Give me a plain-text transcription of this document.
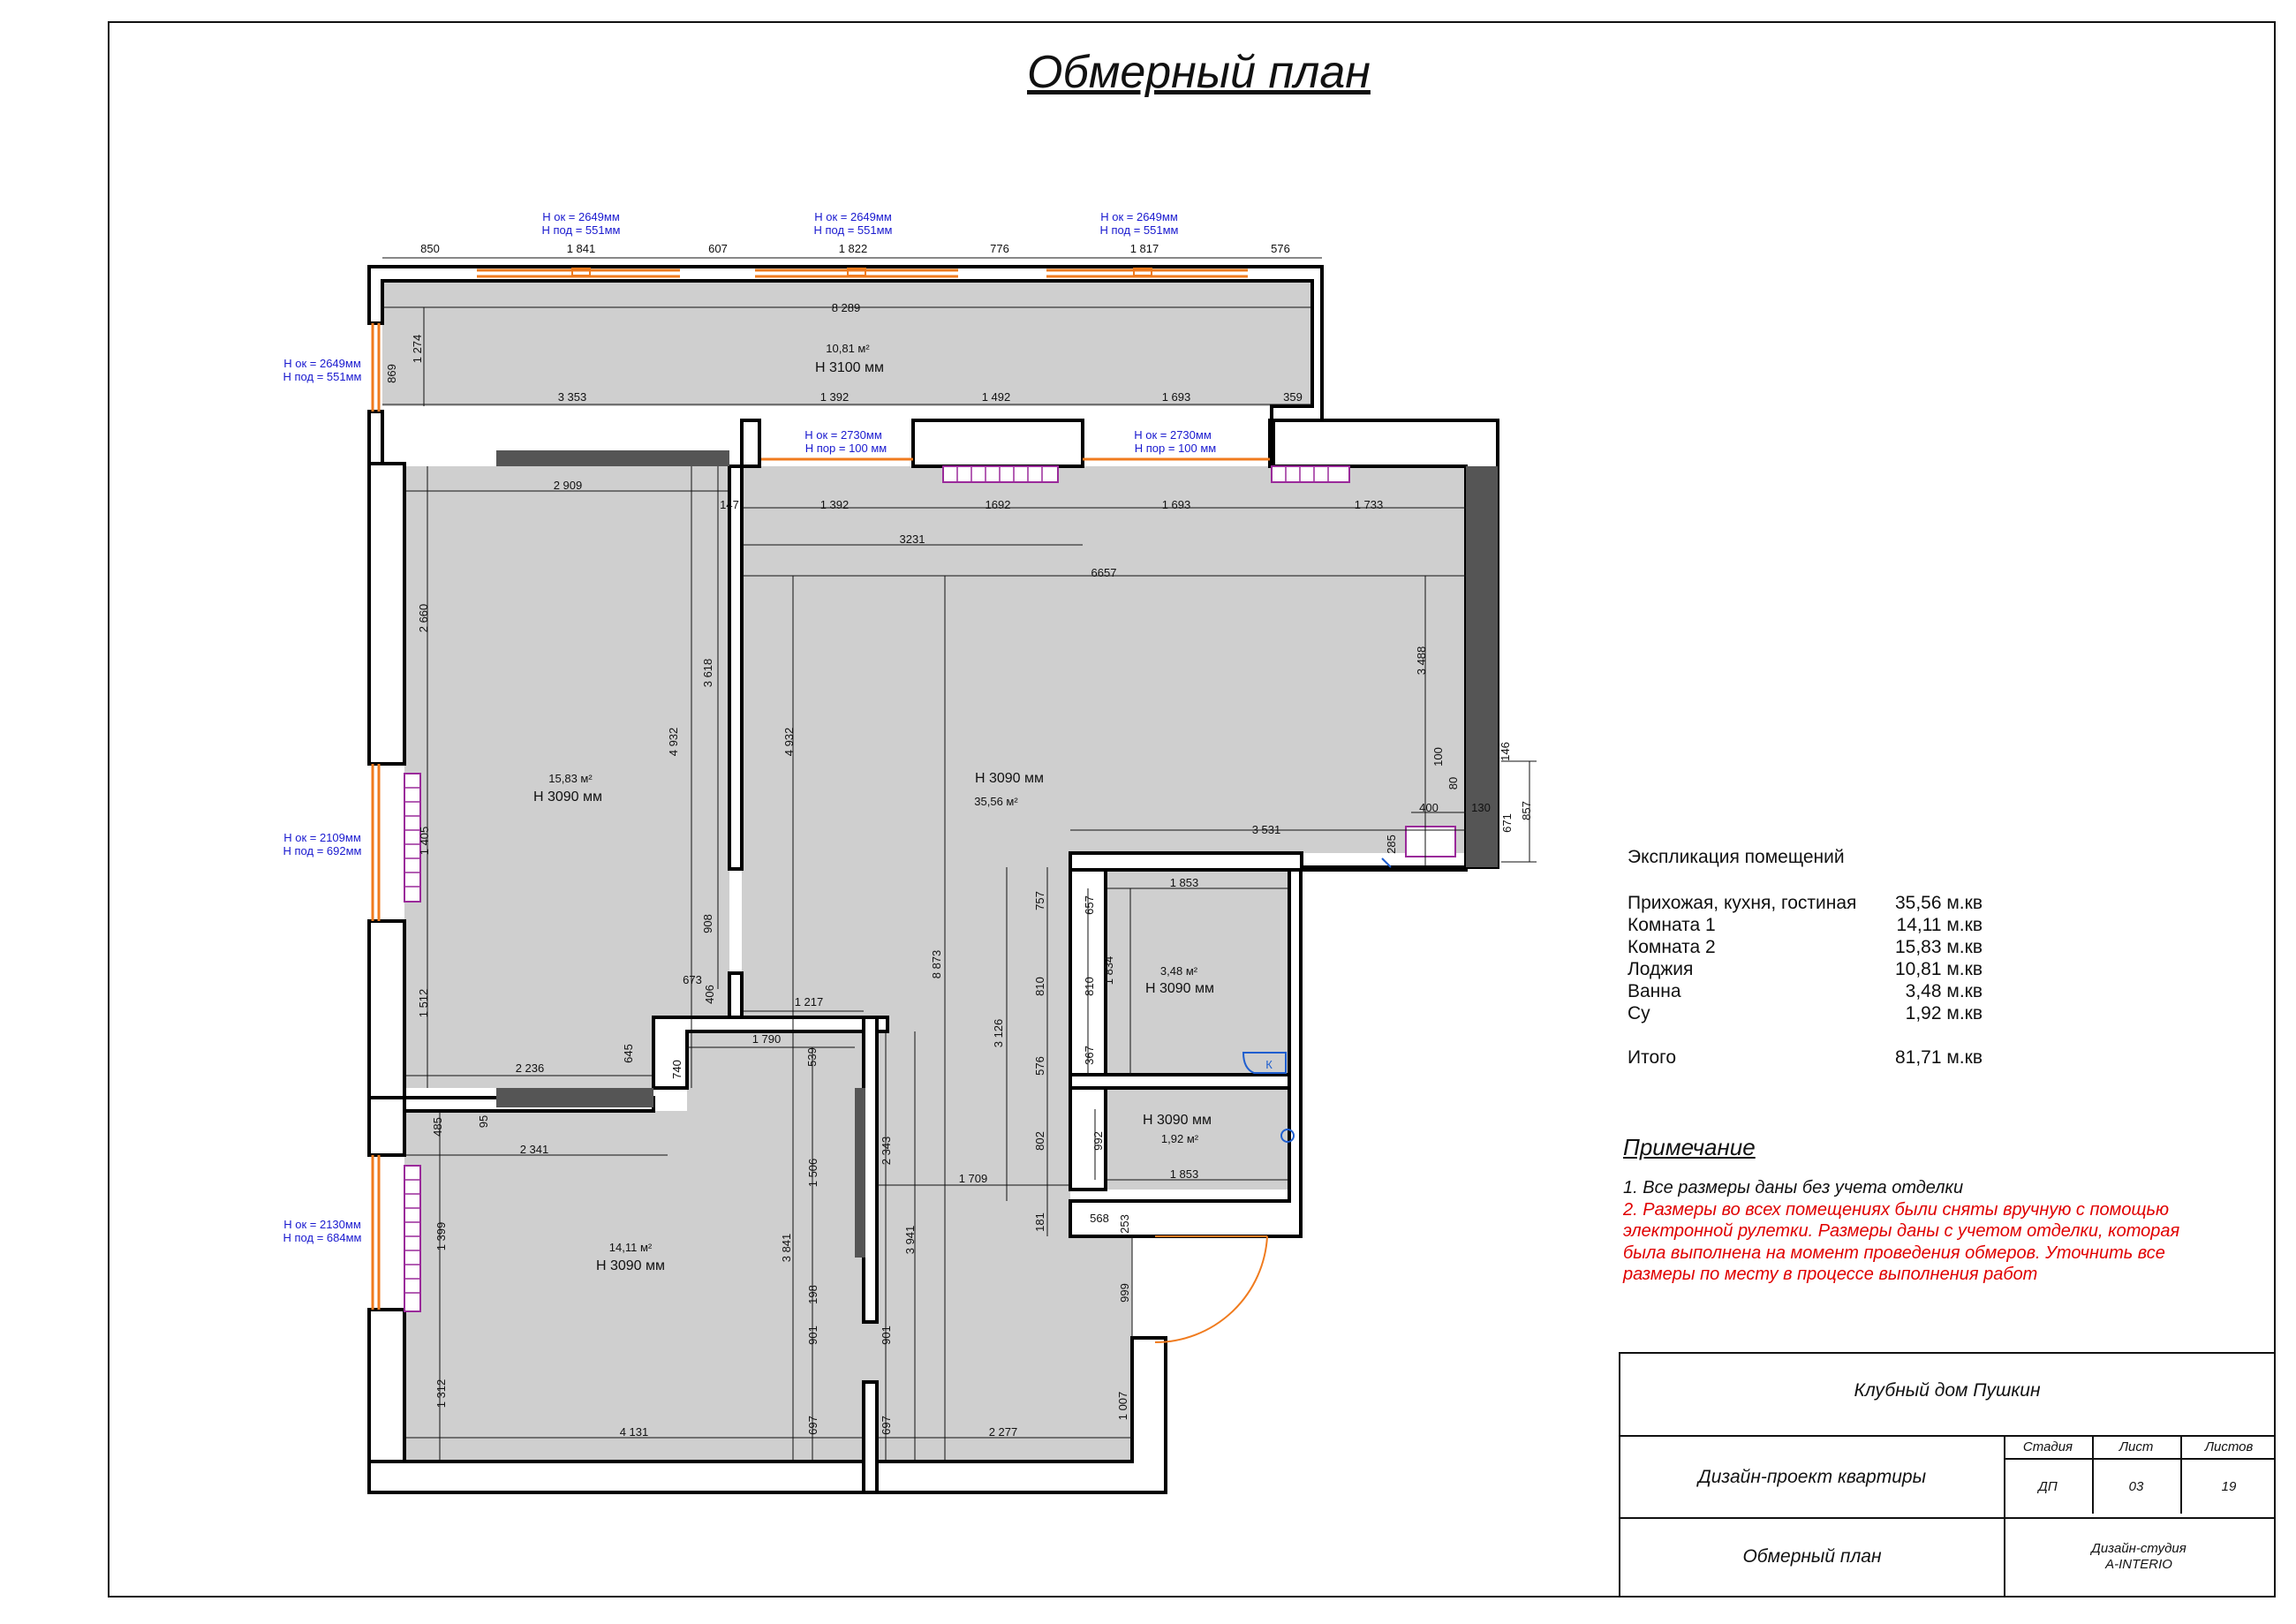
Обмерный план
Н ок = 2649мм
Н под = 551мм
Н ок = 2649мм
Н под = 551мм
Н ок = 2649мм
Н под = 551мм
Н ок = 2649мм
Н под = 551мм
Н ок = 2730мм
Н пор = 100 мм
Н ок = 2730мм
Н пор = 100 мм
Н ок = 2109мм
Н под = 692мм
Н ок = 2130мм
Н под = 684мм
10,81 м²
Н 3100 мм
15,83 м²
Н 3090 мм	35,56 м²
Н 3090 мм
3,48 м²
Н 3090 мм
1,92 м²
Н 3090 мм
14,11 м²
Н 3090 мм
850	1 841	607	1 822	776	1 817	576
8 289
1 274
869
3 353	1 392	1 492	1 693	359
2 909
147	1 392	1692	1 693	1 733
3231
6657
2 660
3 618
4 932	4 932
3 488
100
80
146
400	130
671
857
3 531
285
1 405
908
673
406	1 217
1 512
8 873
757	657
1 853
810	810
1 834
3 126
645
2 236	740
1 790
539	576
367
95
485
2 341	802	992
1 853
1 506
2 343
1 709
181	568 253
3 841	3 941
1 399
198
901	901
999
1 312
697	697
1 007
4 131	2 277
К
Экспликация помещений
Прихожая, кухня, гостиная	35,56 м.кв
Комната 1	14,11 м.кв
Комната 2	15,83 м.кв
Лоджия	10,81 м.кв
Ванна	3,48 м.кв
Су	1,92 м.кв
Итого	81,71 м.кв
Примечание
1. Все размеры даны без учета отделки
2. Размеры во всех помещениях были сняты вручную с помощью электронной рулетки. Размеры даны с учетом отделки, которая была выполнена на момент проведения обмеров. Уточнить все размеры по месту в процессе выполнения работ
Клубный дом Пушкин
Дизайн-проект квартиры
Стадия	Лист	Листов
ДП	03	19
Обмерный план	Дизайн-студия
A-INTERIO
